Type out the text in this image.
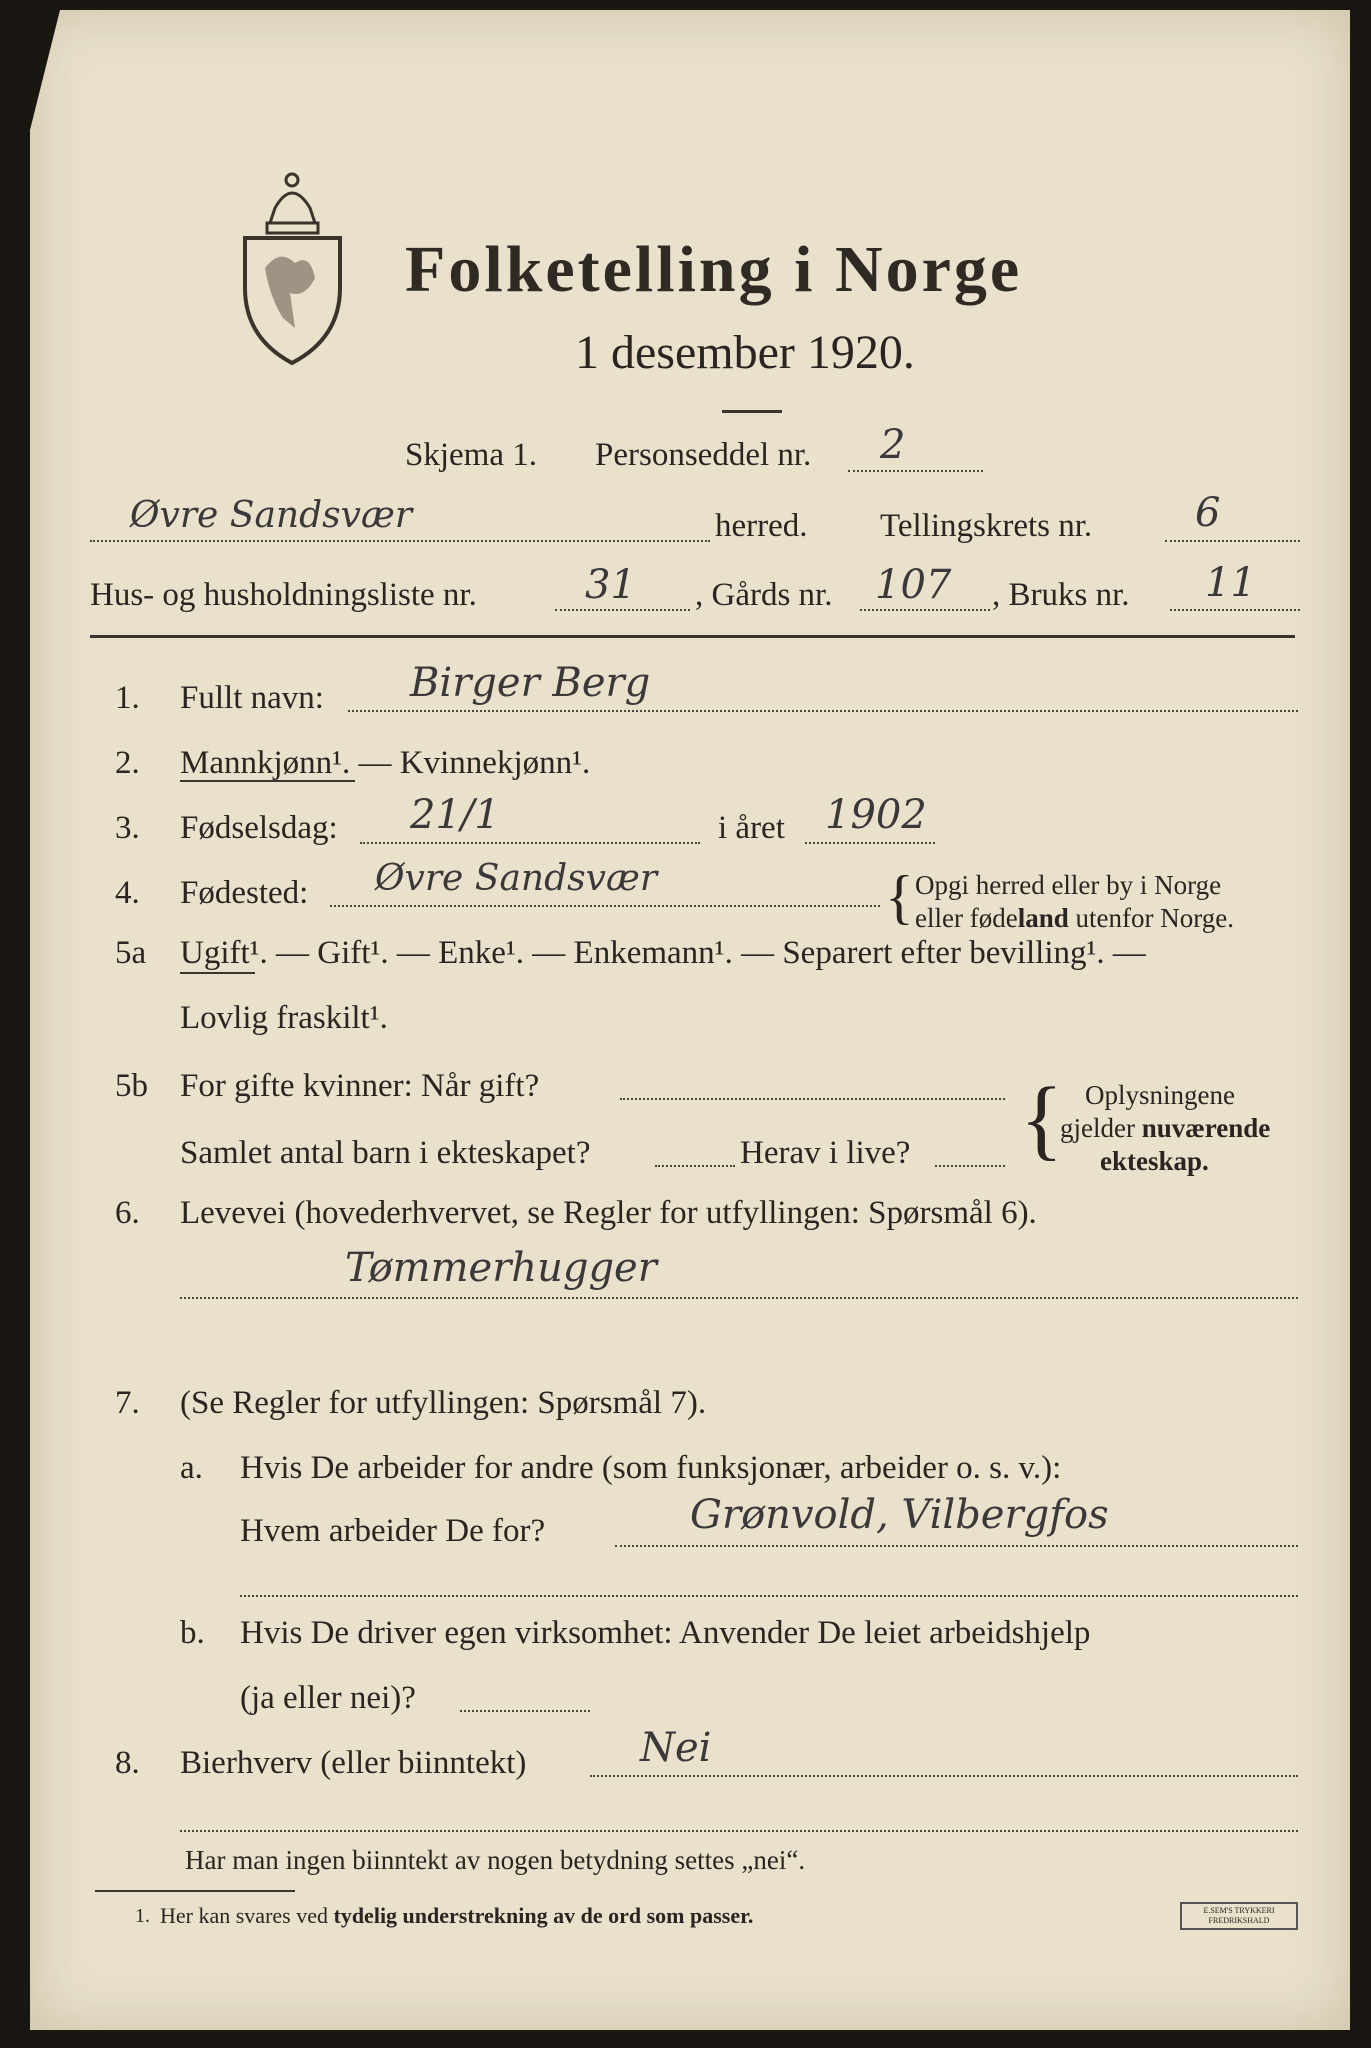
Folketelling i Norge
1 desember 1920.
Skjema 1. Personseddel nr. 2
Øvre Sandsvær	herred. Tellingskrets nr.	6
Hus- og husholdningsliste nr.	31 , Gårds nr. 107 , Bruks nr. 11
1. Fullt navn: Birger Berg
2. Mannkjønn¹. — Kvinnekjønn¹.
3. Fødselsdag: 21/1	i året 1902
4. Fødested: Øvre Sandsvær	{ Opgi herred eller by i Norge
eller fødeland utenfor Norge.
5a Ugift¹. — Gift¹. — Enke¹. — Enkemann¹. — Separert efter bevilling¹. —
Lovlig fraskilt¹.
5b For gifte kvinner: Når gift?
Samlet antal barn i ekteskapet?	Herav i live? { Oplysningene
gjelder nuværende
ekteskap.
6. Levevei (hovederhvervet, se Regler for utfyllingen: Spørsmål 6).
Tømmerhugger
7. (Se Regler for utfyllingen: Spørsmål 7).
a. Hvis De arbeider for andre (som funksjonær, arbeider o. s. v.):
Hvem arbeider De for?	Grønvold, Vilbergfos
b. Hvis De driver egen virksomhet: Anvender De leiet arbeidshjelp
(ja eller nei)?
8. Bierhverv (eller biinntekt)	Nei
Har man ingen biinntekt av nogen betydning settes „nei“.
1. Her kan svares ved tydelig understrekning av de ord som passer.	E.SEM'S TRYKKERI FREDRIKSHALD
